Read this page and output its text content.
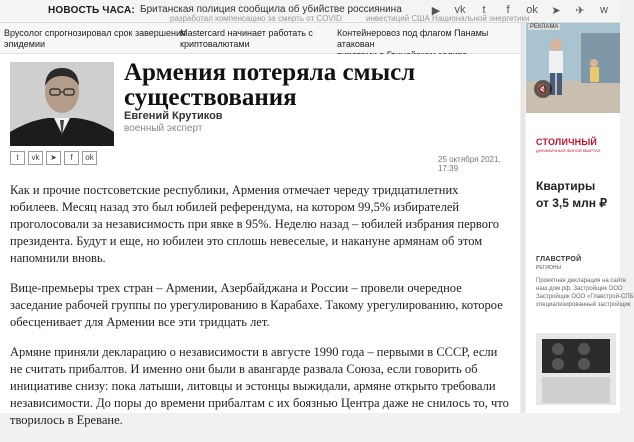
НОВОСТЬ ЧАСА: Британская полиция сообщила об убийстве россиянина
разработал компенсацию за смерть от COVID	инвестиций США Национальной энергетики
▶ vk	t	f	ok ➤ ✈ w
Врусолог спрогнозировал срок завершения
эпидемии
Mastercard начинает работать с
криптовалютами
Контейнеровоз под флагом Панамы атакован
Армения потеряла смысл существования
Евгений Крутиков
военный эксперт
t	vk	➤	f	ok	25 октября 2021, 17:39

Как и прочие постсоветские республики, Армения отмечает череду тридцатилетних юбилеев. Месяц назад это был юбилей референдума, на котором 99,5% избирателей проголосовали за независимость при явке в 95%. Неделю назад – юбилей избрания первого президента. Будут и еще, но юбилеи это сплошь невеселые, и накануне армянам об этом напомнили вновь.

Вице-премьеры трех стран – Армении, Азербайджана и России – провели очередное заседание рабочей группы по урегулированию в Карабахе. Такому урегулированию, которое обесценивает для Армении все эти тридцать лет.

Армяне приняли декларацию о независимости в августе 1990 года – первыми в СССР, если не считать прибалтов. И именно они были в авангарде развала Союза, если говорить об инициативе снизу: пока латыши, литовцы и эстонцы выжидали, армяне открыто требовали независимости. До поры до времени прибалтам с их боязнью Центра даже не снилось то, что творилось в Ереване.

РЕКЛАМА
🔇
СТОЛИЧНЫЙ
ДИНАМИЧНЫЙ ЖИЛОЙ КВАРТАЛ
Квартиры
от 3,5 млн ₽
ГЛАВСТРОЙ
РЕГИОНЫ
Проектная декларация на сайте
наш.дом.рф. Застройщик ООО
Застройщик ООО «Главстрой-СПБ
специализированный застройщик
